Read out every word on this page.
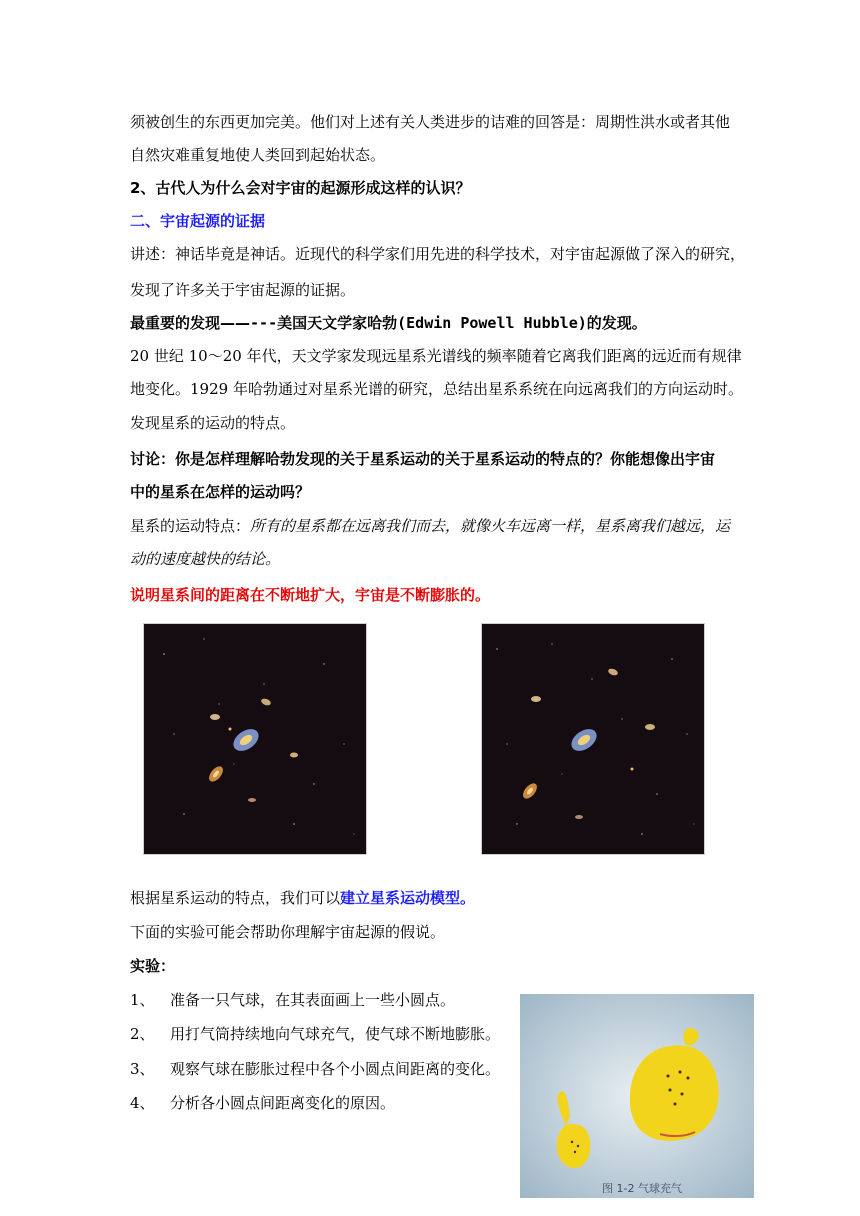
须被创生的东西更加完美。他们对上述有关人类进步的诘难的回答是：周期性洪水或者其他
自然灾难重复地使人类回到起始状态。
2、古代人为什么会对宇宙的起源形成这样的认识？
二、宇宙起源的证据
讲述：神话毕竟是神话。近现代的科学家们用先进的科学技术，对宇宙起源做了深入的研究，
发现了许多关于宇宙起源的证据。
最重要的发现——---美国天文学家哈勃(Edwin Powell Hubble)的发现。
20 世纪 10～20 年代，天文学家发现远星系光谱线的频率随着它离我们距离的远近而有规律
地变化。1929 年哈勃通过对星系光谱的研究，总结出星系系统在向远离我们的方向运动时。
发现星系的运动的特点。
讨论：你是怎样理解哈勃发现的关于星系运动的关于星系运动的特点的？你能想像出宇宙
中的星系在怎样的运动吗？
星系的运动特点：所有的星系都在远离我们而去，就像火车远离一样，星系离我们越远，运
动的速度越快的结论。
说明星系间的距离在不断地扩大，宇宙是不断膨胀的。
根据星系运动的特点，我们可以建立星系运动模型。
下面的实验可能会帮助你理解宇宙起源的假说。
实验：
1、 准备一只气球，在其表面画上一些小圆点。
2、 用打气筒持续地向气球充气，使气球不断地膨胀。
3、 观察气球在膨胀过程中各个小圆点间距离的变化。
4、 分析各小圆点间距离变化的原因。
图 1-2 气球充气
